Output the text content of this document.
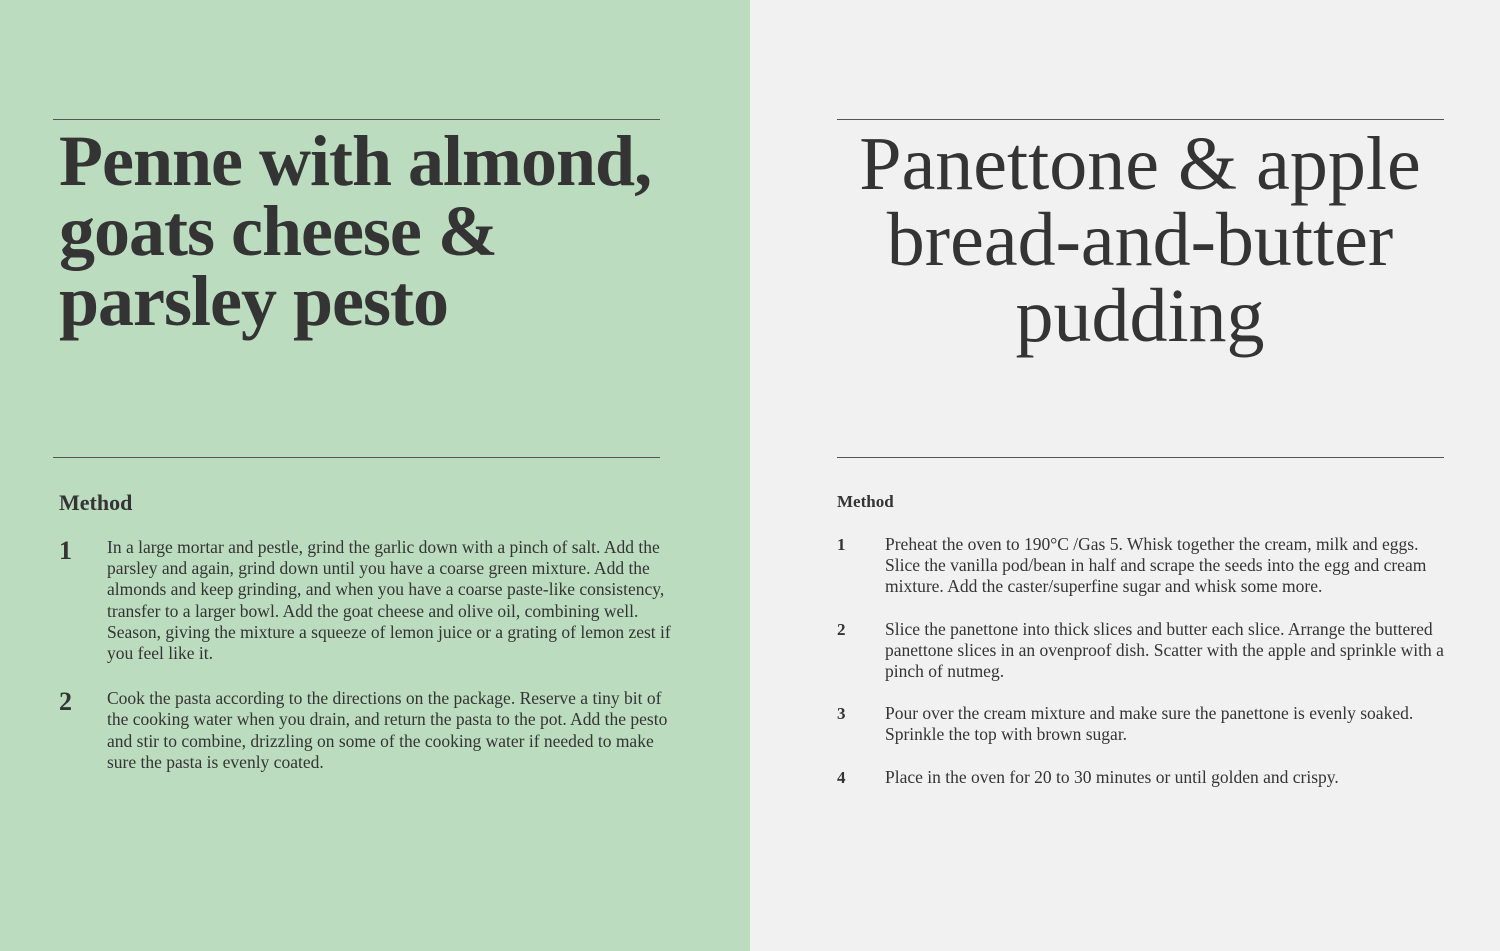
Penne with almond,
goats cheese &
parsley pesto
Method
1 In a large mortar and pestle, grind the garlic down with a pinch of salt. Add the parsley and again, grind down until you have a coarse green mixture. Add the almonds and keep grinding, and when you have a coarse paste-like consistency, transfer to a larger bowl. Add the goat cheese and olive oil, combining well. Season, giving the mixture a squeeze of lemon juice or a grating of lemon zest if you feel like it.
2 Cook the pasta according to the directions on the package. Reserve a tiny bit of the cooking water when you drain, and return the pasta to the pot. Add the pesto and stir to combine, drizzling on some of the cooking water if needed to make sure the pasta is evenly coated.
Panettone & apple
bread-and-butter
pudding
Method
1 Preheat the oven to 190°C /Gas 5. Whisk together the cream, milk and eggs. Slice the vanilla pod/bean in half and scrape the seeds into the egg and cream mixture. Add the caster/superfine sugar and whisk some more.
2 Slice the panettone into thick slices and butter each slice. Arrange the buttered panettone slices in an ovenproof dish. Scatter with the apple and sprinkle with a pinch of nutmeg.
3 Pour over the cream mixture and make sure the panettone is evenly soaked. Sprinkle the top with brown sugar.
4 Place in the oven for 20 to 30 minutes or until golden and crispy.
